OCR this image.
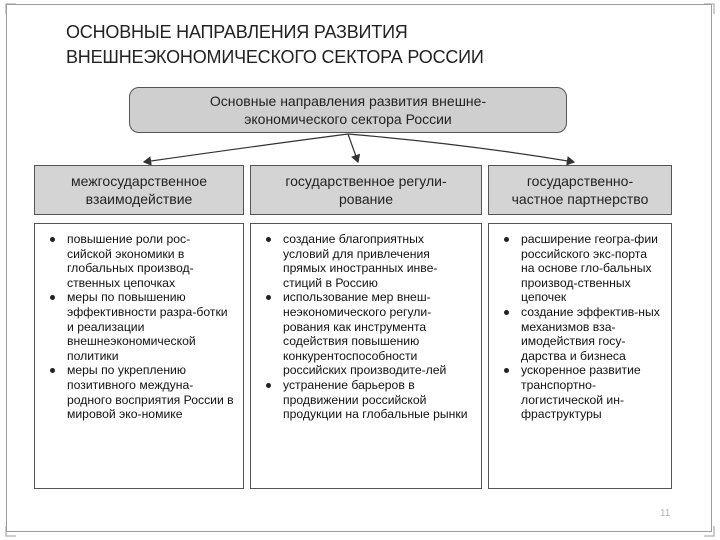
ОСНОВНЫЕ НАПРАВЛЕНИЯ РАЗВИТИЯ
ВНЕШНЕЭКОНОМИЧЕСКОГО СЕКТОРА РОССИИ
Основные направления развития внешне-
экономического сектора России
межгосударственное
взаимодействие
повышение роли рос-сийской экономики в глобальных производ-ственных цепочках
меры по повышению эффективности разра-ботки и реализации внешнеэкономической политики
меры по укреплению позитивного междуна-родного восприятия России в мировой эко-номике
государственное регули-
рование
создание благоприятных условий для привлечения прямых иностранных инве-стиций в Россию
использование мер внеш-неэкономического регули-рования как инструмента содействия повышению конкурентоспособности российских производите-лей
устранение барьеров в продвижении российской продукции на глобальные рынки
государственно-
частное партнерство
расширение геогра-фии российского экс-порта на основе гло-бальных производ-ственных цепочек
создание эффектив-ных механизмов вза-имодействия госу-дарства и бизнеса
ускоренное развитие транспортно-логистической ин-фраструктуры
11
